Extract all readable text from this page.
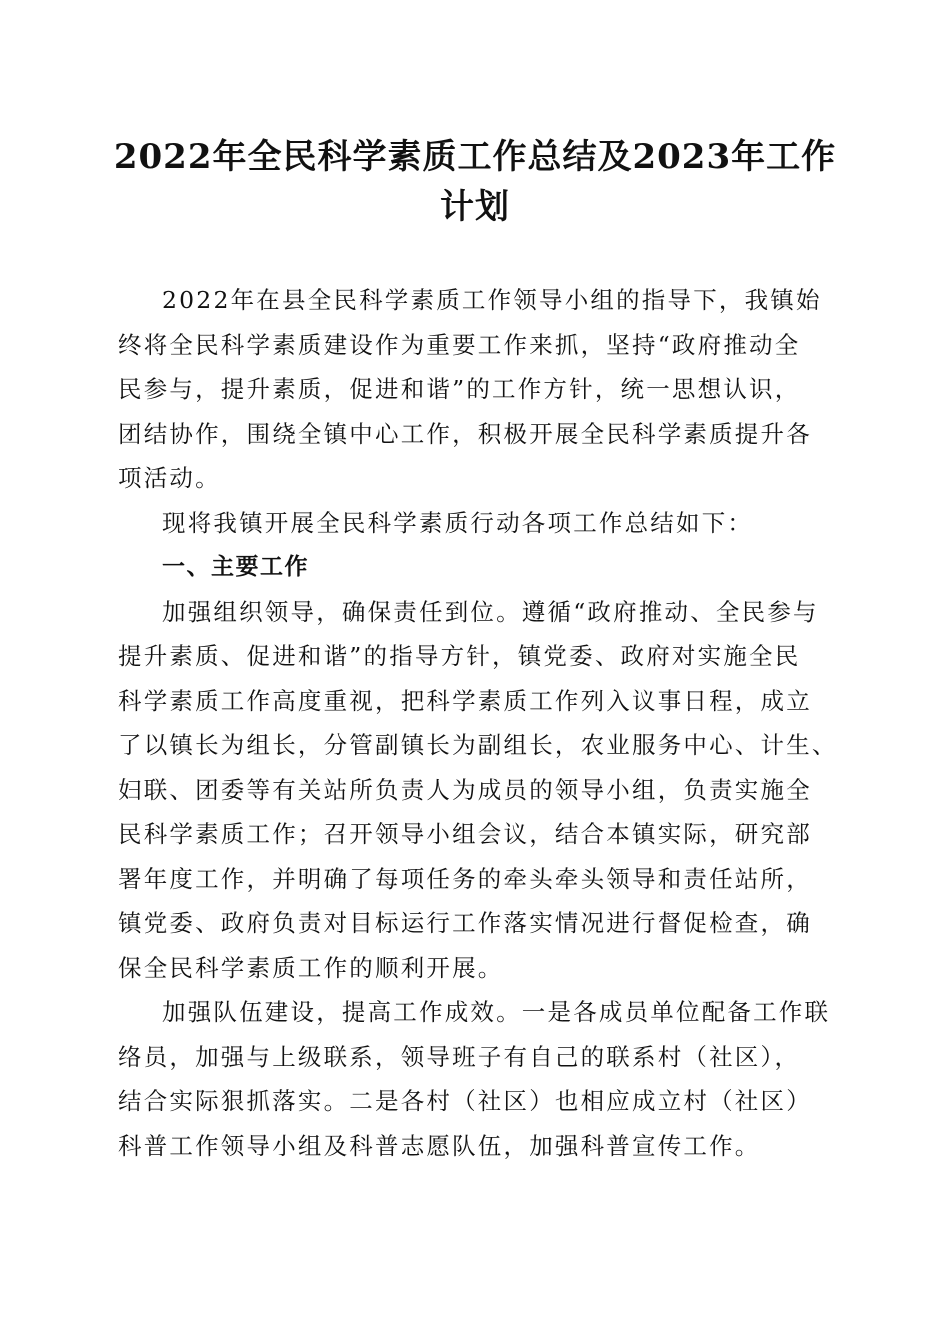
2022年全民科学素质工作总结及2023年工作
计划

2022年在县全民科学素质工作领导小组的指导下，我镇始
终将全民科学素质建设作为重要工作来抓，坚持“政府推动全
民参与，提升素质，促进和谐”的工作方针，统一思想认识，
团结协作，围绕全镇中心工作，积极开展全民科学素质提升各
项活动。

现将我镇开展全民科学素质行动各项工作总结如下：

一、主要工作

加强组织领导，确保责任到位。遵循“政府推动、全民参与
提升素质、促进和谐”的指导方针，镇党委、政府对实施全民
科学素质工作高度重视，把科学素质工作列入议事日程，成立
了以镇长为组长，分管副镇长为副组长，农业服务中心、计生、
妇联、团委等有关站所负责人为成员的领导小组，负责实施全
民科学素质工作；召开领导小组会议，结合本镇实际，研究部
署年度工作，并明确了每项任务的牵头牵头领导和责任站所，
镇党委、政府负责对目标运行工作落实情况进行督促检查，确
保全民科学素质工作的顺利开展。

加强队伍建设，提高工作成效。一是各成员单位配备工作联
络员，加强与上级联系，领导班子有自己的联系村（社区），
结合实际狠抓落实。二是各村（社区）也相应成立村（社区）
科普工作领导小组及科普志愿队伍，加强科普宣传工作。
